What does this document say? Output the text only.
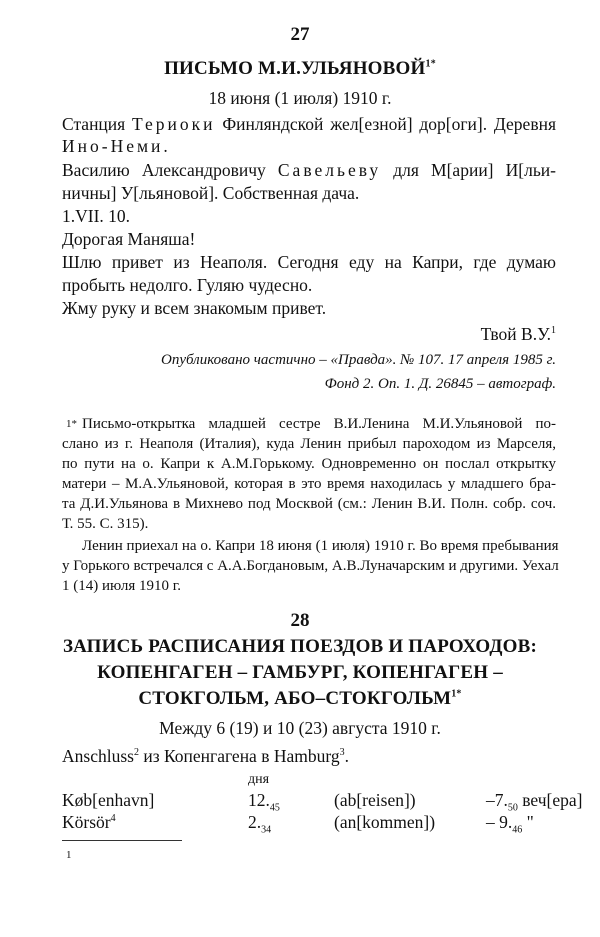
27
ПИСЬМО $М.И.УЛЬЯНОВОЙ^{1*}$
18 июня (1 июля) 1910 г.
Станция Териоки Финляндской жел[езной] дор[оги]. Деревня
Ино-Неми.
Василию Александровичу Савельеву для М[арии] И[льи-
ничны] У[льяновой]. Собственная дача.
1.VII. 10.
Дорогая Маняша!
Шлю привет из Неаполя. Сегодня еду на Капри, где думаю
пробыть недолго. Гуляю чудесно.
Жму руку и всем знакомым привет.
Твой В.У.$^1$
Опубликовано частично – «Правда». № 107. 17 апреля 1985 г.
Фонд 2. Оп. 1. Д. 26845 – автограф.
1* Письмо-открытка младшей сестре В.И.Ленина М.И.Ульяновой по-
слано из г. Неаполя (Италия), куда Ленин прибыл пароходом из Марселя,
по пути на о. Капри к А.М.Горькому. Одновременно он послал открытку
матери – М.А.Ульяновой, которая в это время находилась у младшего бра-
та Д.И.Ульянова в Михнево под Москвой (см.: Ленин В.И. Полн. собр. соч.
Т. 55. С. 315).
Ленин приехал на о. Капри 18 июня (1 июля) 1910 г. Во время пребывания
у Горького встречался с А.А.Богдановым, А.В.Луначарским и другими. Уехал
1 (14) июля 1910 г.
28
ЗАПИСЬ РАСПИСАНИЯ ПОЕЗДОВ И ПАРОХОДОВ:
КОПЕНГАГЕН – ГАМБУРГ, КОПЕНГАГЕН –
СТОКГОЛЬМ, АБО–$СТОКГОЛЬМ^{1*}$
Между 6 (19) и 10 (23) августа 1910 г.
Anschluss$^2$ из Копенгагена в Hamburg$^3$.
дня
Køb[enhavn]	$12._{45}$	(ab[reisen])	$-7._{50}$ веч[ера]
Körsör$^4$	$2._{34}$	(an[kommen])	– $9._{46}$ "
1
